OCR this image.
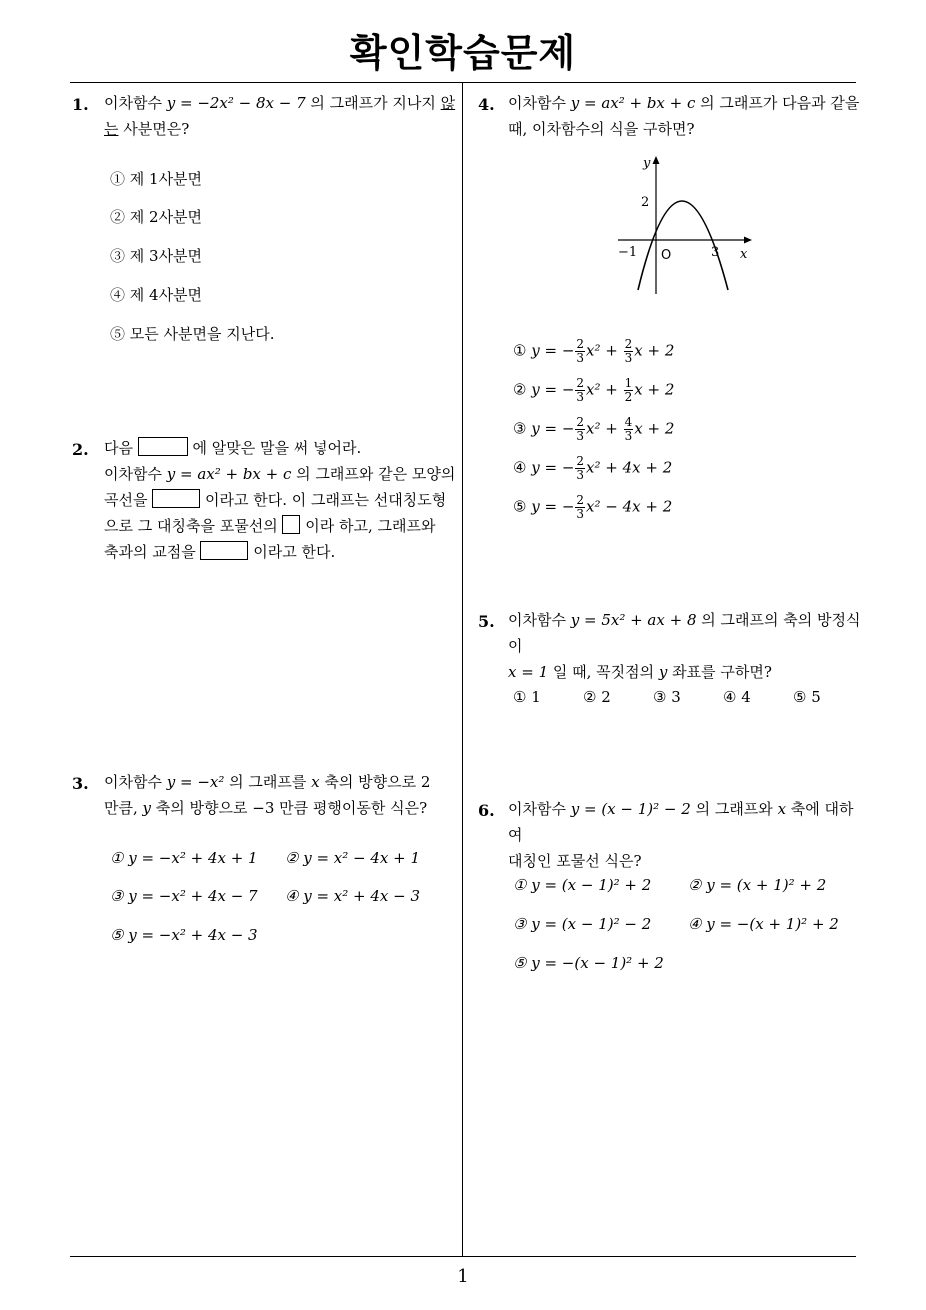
확인학습문제
1
1. 이차함수 y = −2x² − 8x − 7 의 그래프가 지나지 않는 사분면은?
① 제 1사분면
② 제 2사분면
③ 제 3사분면
④ 제 4사분면
⑤ 모든 사분면을 지난다.
2. 다음	에 알맞은 말을 써 넣어라.
이차함수 y = ax² + bx + c 의 그래프와 같은 모양의
곡선을	이라고 한다. 이 그래프는 선대칭도형
으로 그 대칭축을 포물선의  이라 하고, 그래프와
축과의 교점을	이라고 한다.
3. 이차함수 y = −x² 의 그래프를 x 축의 방향으로 2
만큼, y 축의 방향으로 −3 만큼 평행이동한 식은?
① y = −x² + 4x + 1 ② y = x² − 4x + 1
③ y = −x² + 4x − 7 ④ y = x² + 4x − 3
⑤ y = −x² + 4x − 3
4. 이차함수 y = ax² + bx + c 의 그래프가 다음과 같을
때, 이차함수의 식을 구하면?
y
x
O
2
−1	3
① y = − $\frac{2}{3} x^2 + \frac{2}{3}$ x + 2
② y = − $\frac{2}{3} x^2 + \frac{1}{2}$ x + 2
③ y = − $\frac{2}{3} x^2 + \frac{4}{3}$ x + 2
④ y = − $\frac{2}{3} x^2 + 4x + 2$
⑤ y = − $\frac{2}{3} x^2 - 4x + 2$
5. 이차함수 y = 5x² + ax + 8 의 그래프의 축의 방정식이
x = 1 일 때, 꼭짓점의 y 좌표를 구하면?
① 1	② 2	③ 3	④ 4	⑤ 5
6. 이차함수 y = (x − 1)² − 2 의 그래프와 x 축에 대하여
대칭인 포물선 식은?
① y = (x − 1)² + 2 ② y = (x + 1)² + 2
③ y = (x − 1)² − 2 ④ y = −(x + 1)² + 2
⑤ y = −(x − 1)² + 2
